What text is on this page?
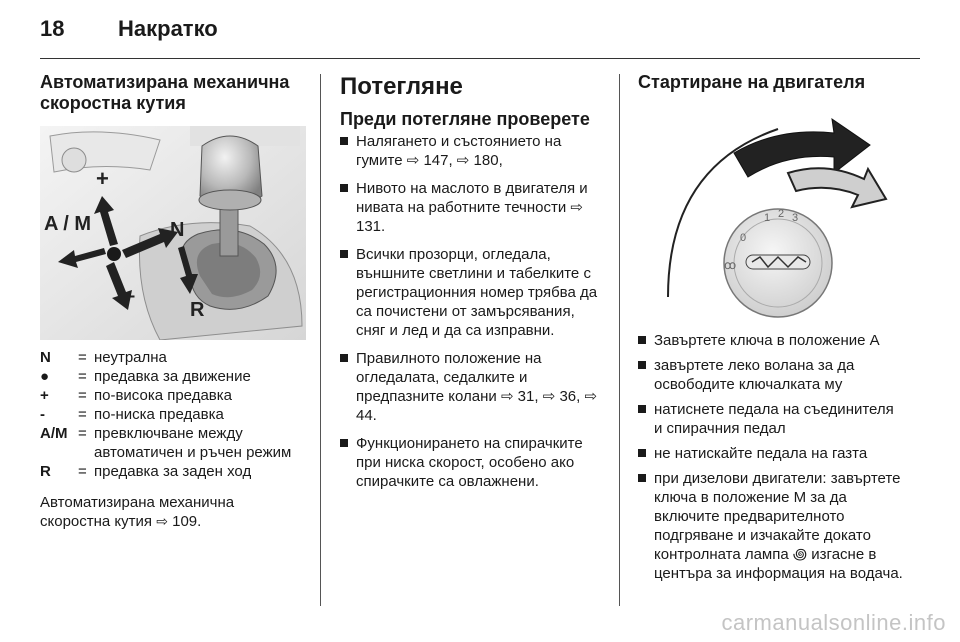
18	Накратко
Автоматизирана механична скоростна кутия
+
A / M	N
–
R
N	= неутрална
●	= предавка за движение
+	= по-висока предавка
-	= по-ниска предавка
A/M = превключване между автоматичен и ръчен режим
R	= предавка за заден ход

Автоматизирана механична скоростна кутия ⇨ 109.

Потегляне
Преди потегляне проверете
Налягането и състоянието на гумите ⇨ 147, ⇨ 180,
Нивото на маслото в двигателя и нивата на работните течности ⇨ 131.
Всички прозорци, огледала, външните светлини и табелките с регистрационния номер трябва да са почистени от замърсявания, сняг и лед и да са изправни.
Правилното положение на огледалата, седалките и предпазните колани ⇨ 31, ⇨ 36, ⇨ 44.
Функционирането на спирачките при ниска скорост, особено ако спирачките са овлажнени.
Стартиране на двигателя
ꝏ
1 2 3
0
Завъртете ключа в положение A
завъртете леко волана за да освободите ключалката му
натиснете педала на съединителя и спирачния педал
не натискайте педала на газта
при дизелови двигатели: завъртете ключа в положение M за да включите предварителното подгряване и изчакайте докато контролната лампа ꩜ изгасне в центъра за информация на водача.
carmanualsonline.info
